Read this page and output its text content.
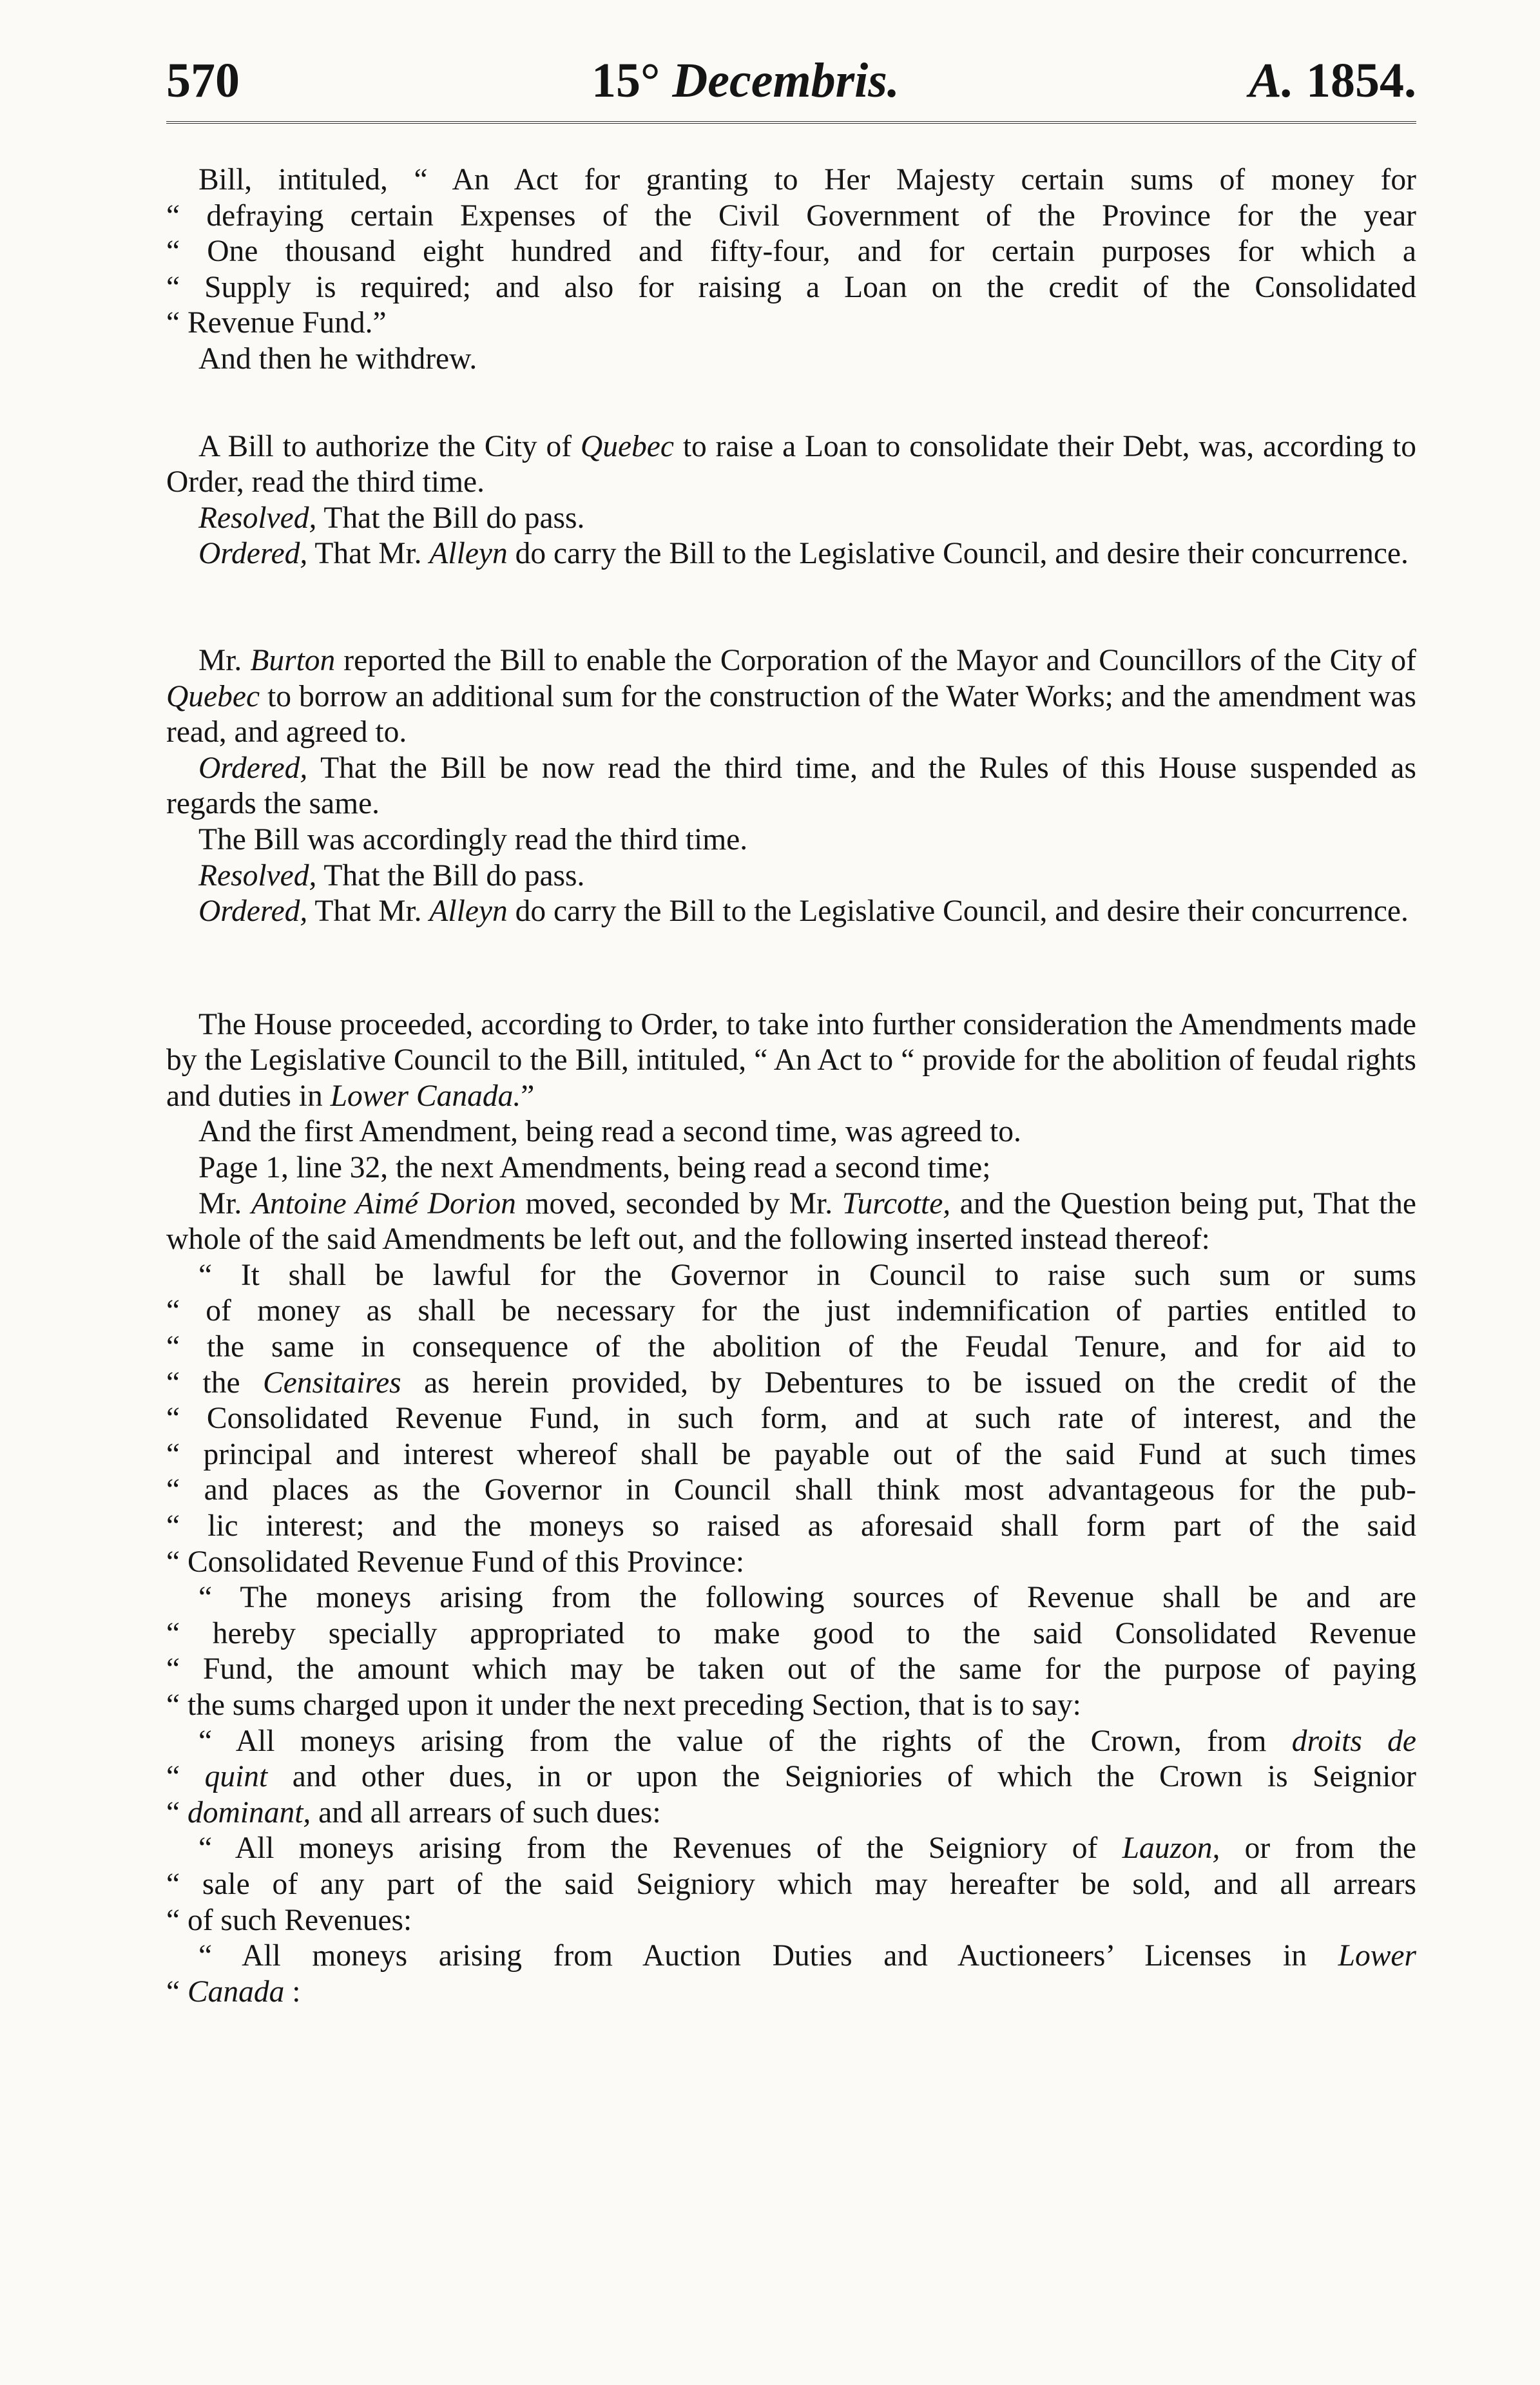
570	15° Decembris.	A. 1854.

Bill, intituled, “ An Act for granting to Her Majesty certain sums of money for

“ defraying certain Expenses of the Civil Government of the Province for the year

“ One thousand eight hundred and fifty-four, and for certain purposes for which a

“ Supply is required; and also for raising a Loan on the credit of the Consolidated

“ Revenue Fund.”

And then he withdrew.

A Bill to authorize the City of Quebec to raise a Loan to consolidate their Debt, was, according to Order, read the third time.

Resolved, That the Bill do pass.

Ordered, That Mr. Alleyn do carry the Bill to the Legislative Council, and desire their concurrence.

Mr. Burton reported the Bill to enable the Corporation of the Mayor and Councillors of the City of Quebec to borrow an additional sum for the construction of the Water Works; and the amendment was read, and agreed to.

Ordered, That the Bill be now read the third time, and the Rules of this House suspended as regards the same.

The Bill was accordingly read the third time.

Resolved, That the Bill do pass.

Ordered, That Mr. Alleyn do carry the Bill to the Legislative Council, and desire their concurrence.

The House proceeded, according to Order, to take into further consideration the Amendments made by the Legislative Council to the Bill, intituled, “ An Act to “ provide for the abolition of feudal rights and duties in Lower Canada.”

And the first Amendment, being read a second time, was agreed to.

Page 1, line 32, the next Amendments, being read a second time;

Mr. Antoine Aimé Dorion moved, seconded by Mr. Turcotte, and the Question being put, That the whole of the said Amendments be left out, and the following inserted instead thereof:

“ It shall be lawful for the Governor in Council to raise such sum or sums

“ of money as shall be necessary for the just indemnification of parties entitled to

“ the same in consequence of the abolition of the Feudal Tenure, and for aid to

“ the Censitaires as herein provided, by Debentures to be issued on the credit of the

“ Consolidated Revenue Fund, in such form, and at such rate of interest, and the

“ principal and interest whereof shall be payable out of the said Fund at such times

“ and places as the Governor in Council shall think most advantageous for the pub-

“ lic interest; and the moneys so raised as aforesaid shall form part of the said

“ Consolidated Revenue Fund of this Province:

“ The moneys arising from the following sources of Revenue shall be and are

“ hereby specially appropriated to make good to the said Consolidated Revenue

“ Fund, the amount which may be taken out of the same for the purpose of paying

“ the sums charged upon it under the next preceding Section, that is to say:

“ All moneys arising from the value of the rights of the Crown, from droits de

“ quint and other dues, in or upon the Seigniories of which the Crown is Seignior

“ dominant, and all arrears of such dues:

“ All moneys arising from the Revenues of the Seigniory of Lauzon, or from the

“ sale of any part of the said Seigniory which may hereafter be sold, and all arrears

“ of such Revenues:

“ All moneys arising from Auction Duties and Auctioneers’ Licenses in Lower

“ Canada :
